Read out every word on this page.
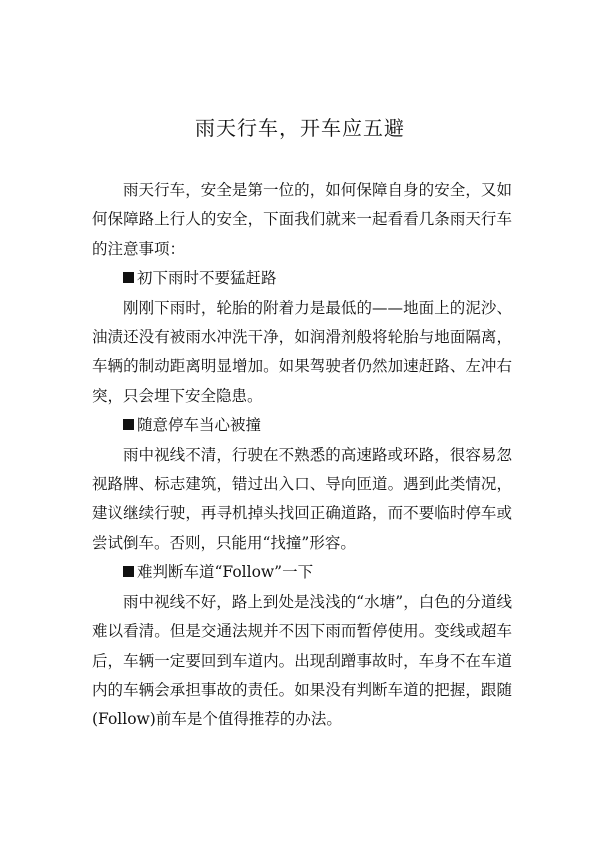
雨天行车，开车应五避

雨天行车，安全是第一位的，如何保障自身的安全，又如何保障路上行人的安全，下面我们就来一起看看几条雨天行车的注意事项：

初下雨时不要猛赶路

刚刚下雨时，轮胎的附着力是最低的——地面上的泥沙、油渍还没有被雨水冲洗干净，如润滑剂般将轮胎与地面隔离，车辆的制动距离明显增加。如果驾驶者仍然加速赶路、左冲右突，只会埋下安全隐患。

随意停车当心被撞

雨中视线不清，行驶在不熟悉的高速路或环路，很容易忽视路牌、标志建筑，错过出入口、导向匝道。遇到此类情况，建议继续行驶，再寻机掉头找回正确道路，而不要临时停车或尝试倒车。否则，只能用“找撞”形容。

难判断车道“Follow”一下

雨中视线不好，路上到处是浅浅的“水塘”，白色的分道线难以看清。但是交通法规并不因下雨而暂停使用。变线或超车后，车辆一定要回到车道内。出现刮蹭事故时，车身不在车道内的车辆会承担事故的责任。如果没有判断车道的把握，跟随(Follow)前车是个值得推荐的办法。
